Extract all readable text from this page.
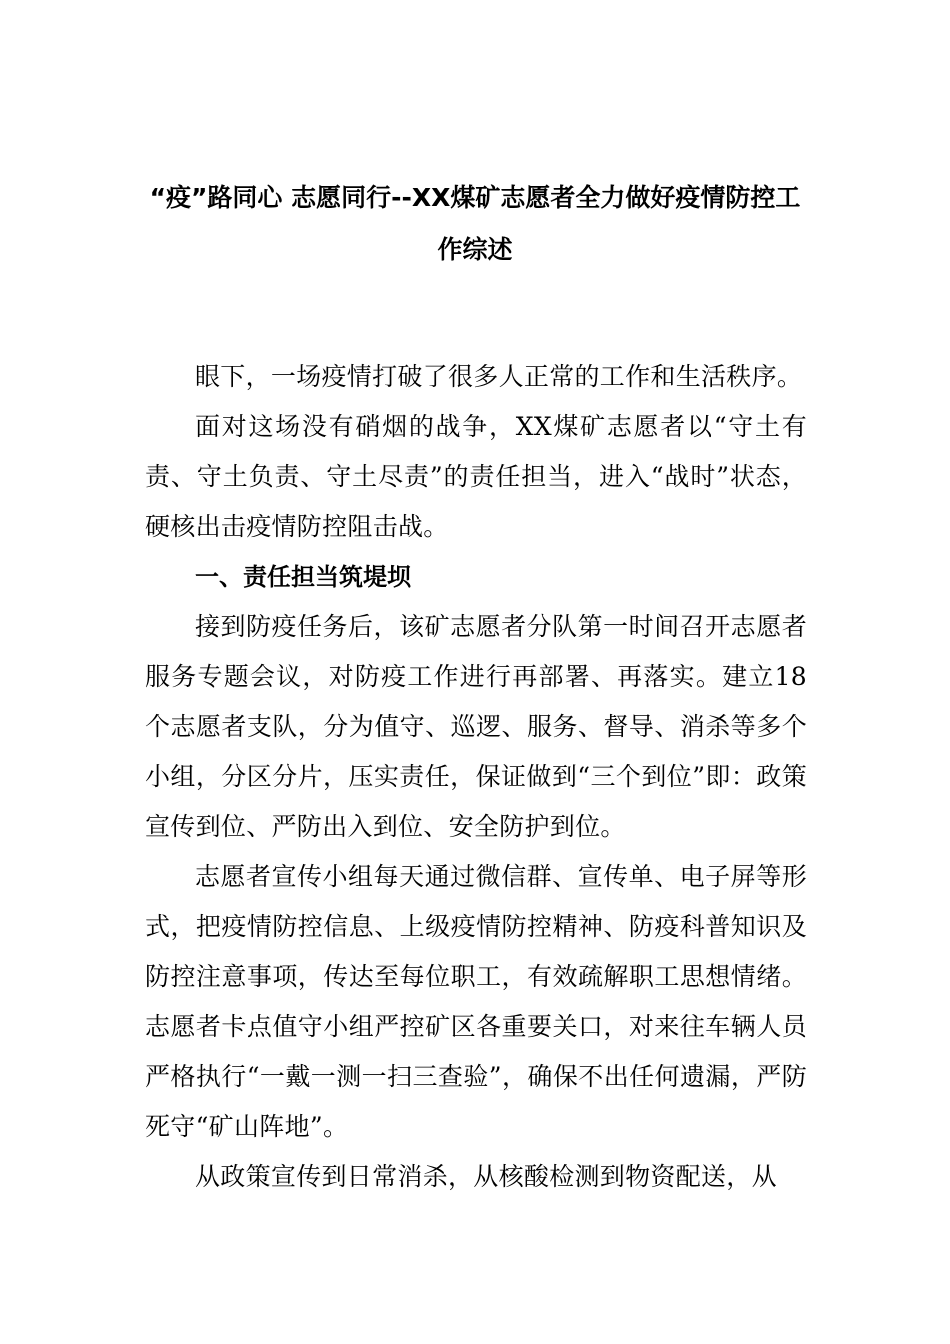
“疫”路同心 志愿同行--XX煤矿志愿者全力做好疫情防控工
作综述

眼下，一场疫情打破了很多人正常的工作和生活秩序。

面对这场没有硝烟的战争，XX煤矿志愿者以“守土有责、守土负责、守土尽责”的责任担当，进入“战时”状态，硬核出击疫情防控阻击战。

一、责任担当筑堤坝

接到防疫任务后，该矿志愿者分队第一时间召开志愿者服务专题会议，对防疫工作进行再部署、再落实。建立18个志愿者支队，分为值守、巡逻、服务、督导、消杀等多个小组，分区分片，压实责任，保证做到“三个到位”即：政策宣传到位、严防出入到位、安全防护到位。

志愿者宣传小组每天通过微信群、宣传单、电子屏等形式，把疫情防控信息、上级疫情防控精神、防疫科普知识及防控注意事项，传达至每位职工，有效疏解职工思想情绪。志愿者卡点值守小组严控矿区各重要关口，对来往车辆人员严格执行“一戴一测一扫三查验”，确保不出任何遗漏，严防死守“矿山阵地”。

从政策宣传到日常消杀，从核酸检测到物资配送，从
